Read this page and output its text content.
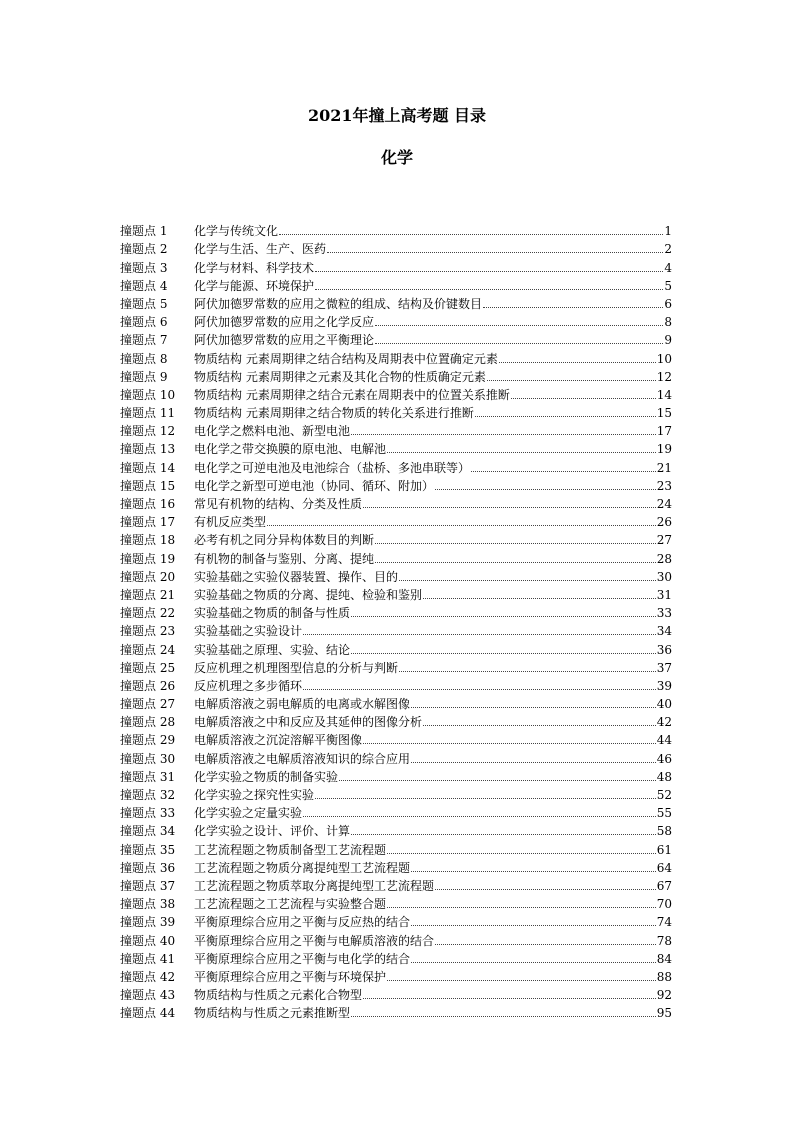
2021年撞上高考题 目录
化学
撞题点 1	化学与传统文化	1
撞题点 2	化学与生活、生产、医药	2
撞题点 3	化学与材料、科学技术	4
撞题点 4	化学与能源、环境保护	5
撞题点 5	阿伏加德罗常数的应用之微粒的组成、结构及价键数目	6
撞题点 6	阿伏加德罗常数的应用之化学反应	8
撞题点 7	阿伏加德罗常数的应用之平衡理论	9
撞题点 8	物质结构 元素周期律之结合结构及周期表中位置确定元素	10
撞题点 9	物质结构 元素周期律之元素及其化合物的性质确定元素	12
撞题点 10	物质结构 元素周期律之结合元素在周期表中的位置关系推断	14
撞题点 11	物质结构 元素周期律之结合物质的转化关系进行推断	15
撞题点 12	电化学之燃料电池、新型电池	17
撞题点 13	电化学之带交换膜的原电池、电解池	19
撞题点 14	电化学之可逆电池及电池综合（盐桥、多池串联等）	21
撞题点 15	电化学之新型可逆电池（协同、循环、附加）	23
撞题点 16	常见有机物的结构、分类及性质	24
撞题点 17	有机反应类型	26
撞题点 18	必考有机之同分异构体数目的判断	27
撞题点 19	有机物的制备与鉴别、分离、提纯	28
撞题点 20	实验基础之实验仪器装置、操作、目的	30
撞题点 21	实验基础之物质的分离、提纯、检验和鉴别	31
撞题点 22	实验基础之物质的制备与性质	33
撞题点 23	实验基础之实验设计	34
撞题点 24	实验基础之原理、实验、结论	36
撞题点 25	反应机理之机理图型信息的分析与判断	37
撞题点 26	反应机理之多步循环	39
撞题点 27	电解质溶液之弱电解质的电离或水解图像	40
撞题点 28	电解质溶液之中和反应及其延伸的图像分析	42
撞题点 29	电解质溶液之沉淀溶解平衡图像	44
撞题点 30	电解质溶液之电解质溶液知识的综合应用	46
撞题点 31	化学实验之物质的制备实验	48
撞题点 32	化学实验之探究性实验	52
撞题点 33	化学实验之定量实验	55
撞题点 34	化学实验之设计、评价、计算	58
撞题点 35	工艺流程题之物质制备型工艺流程题	61
撞题点 36	工艺流程题之物质分离提纯型工艺流程题	64
撞题点 37	工艺流程题之物质萃取分离提纯型工艺流程题	67
撞题点 38	工艺流程题之工艺流程与实验整合题	70
撞题点 39	平衡原理综合应用之平衡与反应热的结合	74
撞题点 40	平衡原理综合应用之平衡与电解质溶液的结合	78
撞题点 41	平衡原理综合应用之平衡与电化学的结合	84
撞题点 42	平衡原理综合应用之平衡与环境保护	88
撞题点 43	物质结构与性质之元素化合物型	92
撞题点 44	物质结构与性质之元素推断型	95
